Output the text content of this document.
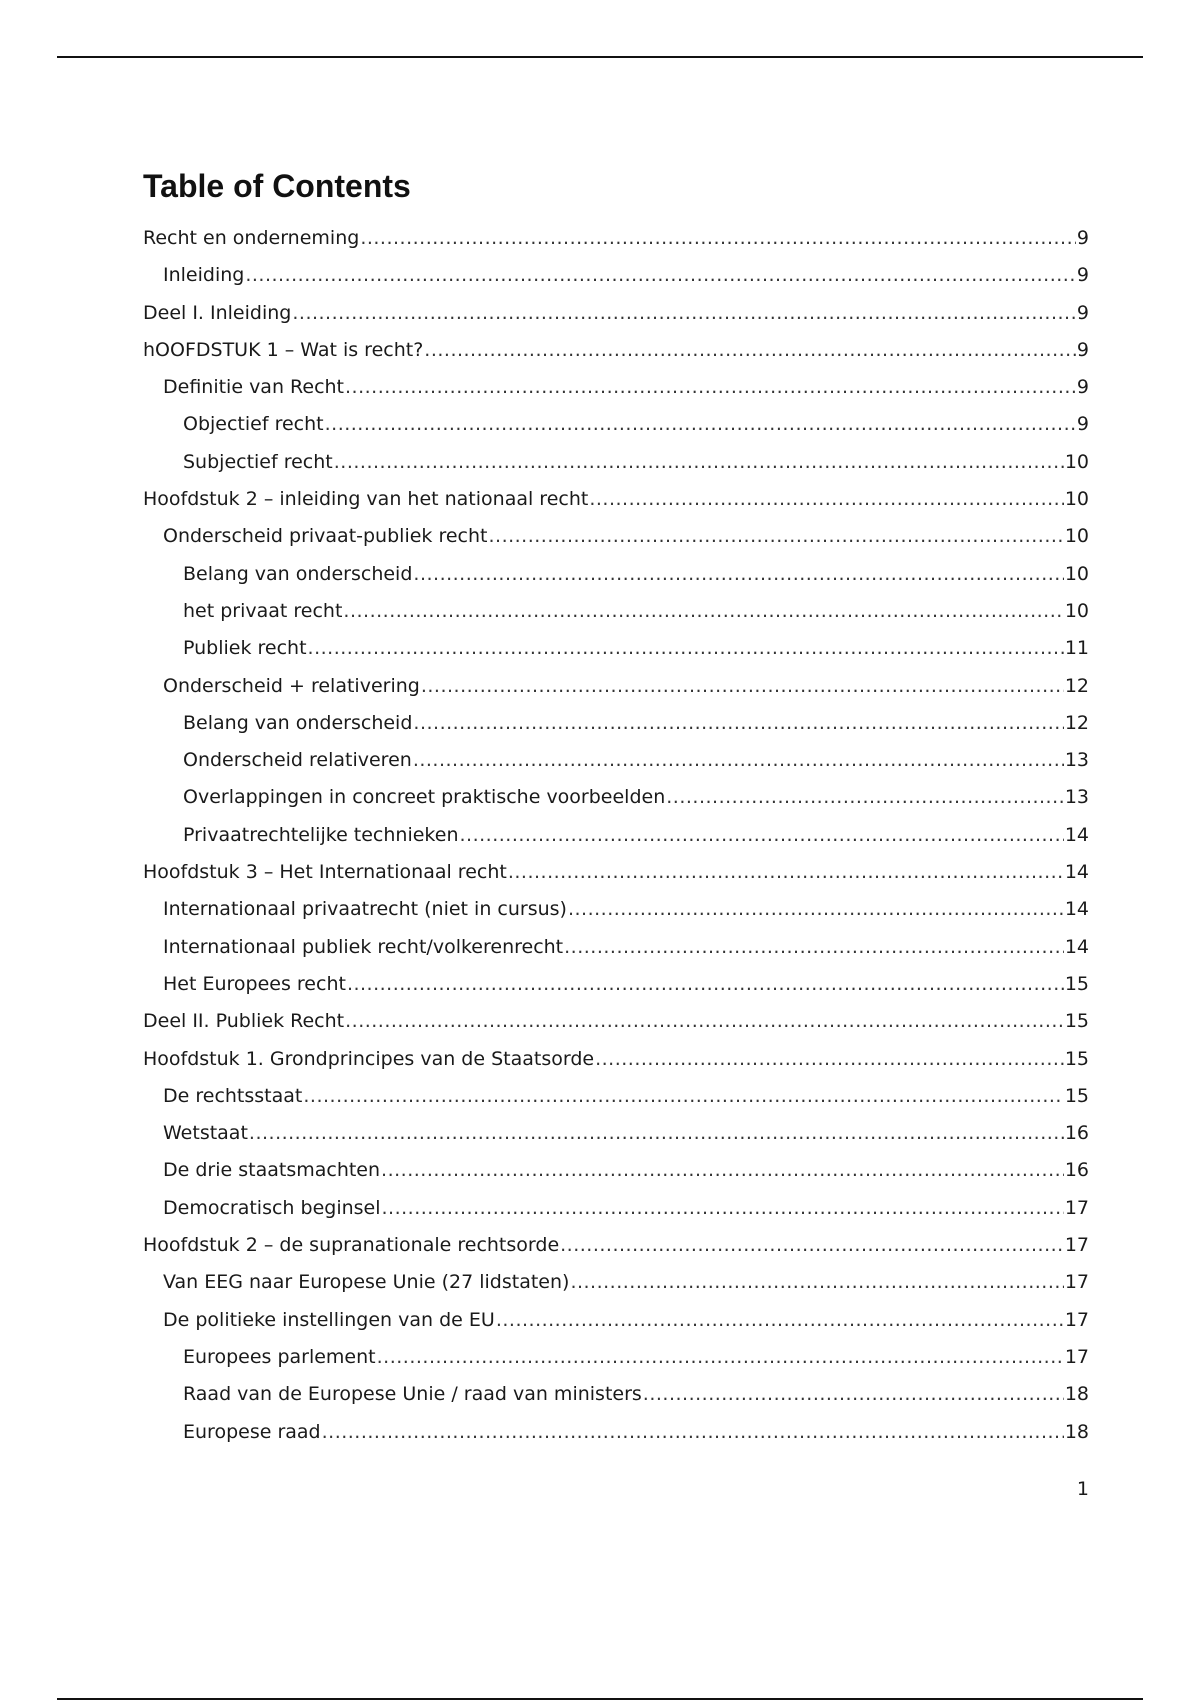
Table of Contents
Recht en onderneming .....	9
Inleiding .....	9
Deel I. Inleiding .....	9
hOOFDSTUK 1 – Wat is recht? .....	9
Definitie van Recht .....	9
Objectief recht .....	9
Subjectief recht .....	10
Hoofdstuk 2 – inleiding van het nationaal recht .....	10
Onderscheid privaat-publiek recht .....	10
Belang van onderscheid .....	10
het privaat recht .....	10
Publiek recht .....	11
Onderscheid + relativering .....	12
Belang van onderscheid .....	12
Onderscheid relativeren .....	13
Overlappingen in concreet praktische voorbeelden .....	13
Privaatrechtelijke technieken .....	14
Hoofdstuk 3 – Het Internationaal recht .....	14
Internationaal privaatrecht (niet in cursus) .....	14
Internationaal publiek recht/volkerenrecht .....	14
Het Europees recht .....	15
Deel II. Publiek Recht .....	15
Hoofdstuk 1. Grondprincipes van de Staatsorde .....	15
De rechtsstaat .....	15
Wetstaat .....	16
De drie staatsmachten .....	16
Democratisch beginsel .....	17
Hoofdstuk 2 – de supranationale rechtsorde .....	17
Van EEG naar Europese Unie (27 lidstaten) .....	17
De politieke instellingen van de EU .....	17
Europees parlement .....	17
Raad van de Europese Unie / raad van ministers .....	18
Europese raad .....	18
1
